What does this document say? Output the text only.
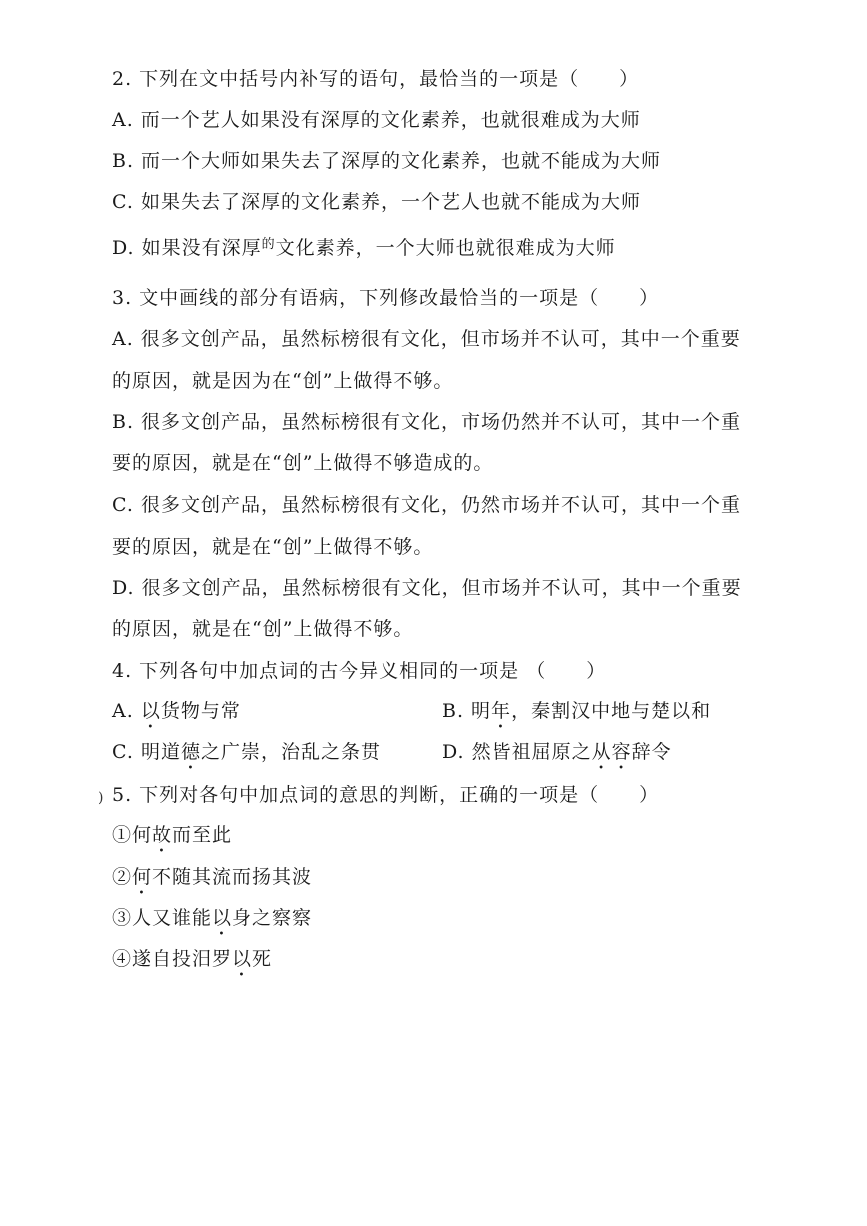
2. 下列在文中括号内补写的语句，最恰当的一项是（　　）
A. 而一个艺人如果没有深厚的文化素养，也就很难成为大师
B. 而一个大师如果失去了深厚的文化素养，也就不能成为大师
C. 如果失去了深厚的文化素养，一个艺人也就不能成为大师
D. 如果没有深厚$^的$文化素养，一个大师也就很难成为大师
3. 文中画线的部分有语病，下列修改最恰当的一项是（　　）
A. 很多文创产品，虽然标榜很有文化，但市场并不认可，其中一个重要
的原因，就是因为在“创”上做得不够。
B. 很多文创产品，虽然标榜很有文化，市场仍然并不认可，其中一个重
要的原因，就是在“创”上做得不够造成的。
C. 很多文创产品，虽然标榜很有文化，仍然市场并不认可，其中一个重
要的原因，就是在“创”上做得不够。
D. 很多文创产品，虽然标榜很有文化，但市场并不认可，其中一个重要
的原因，就是在“创”上做得不够。
4. 下列各句中加点词的古今异义相同的一项是 （　　）
A. 以货物与常	B. 明年，秦割汉中地与楚以和
C. 明道德之广崇，治乱之条贯	D. 然皆祖屈原之从容辞令
) 5. 下列对各句中加点词的意思的判断，正确的一项是（　　）
①何故而至此
②何不随其流而扬其波
③人又谁能以身之察察
④遂自投汨罗以死
